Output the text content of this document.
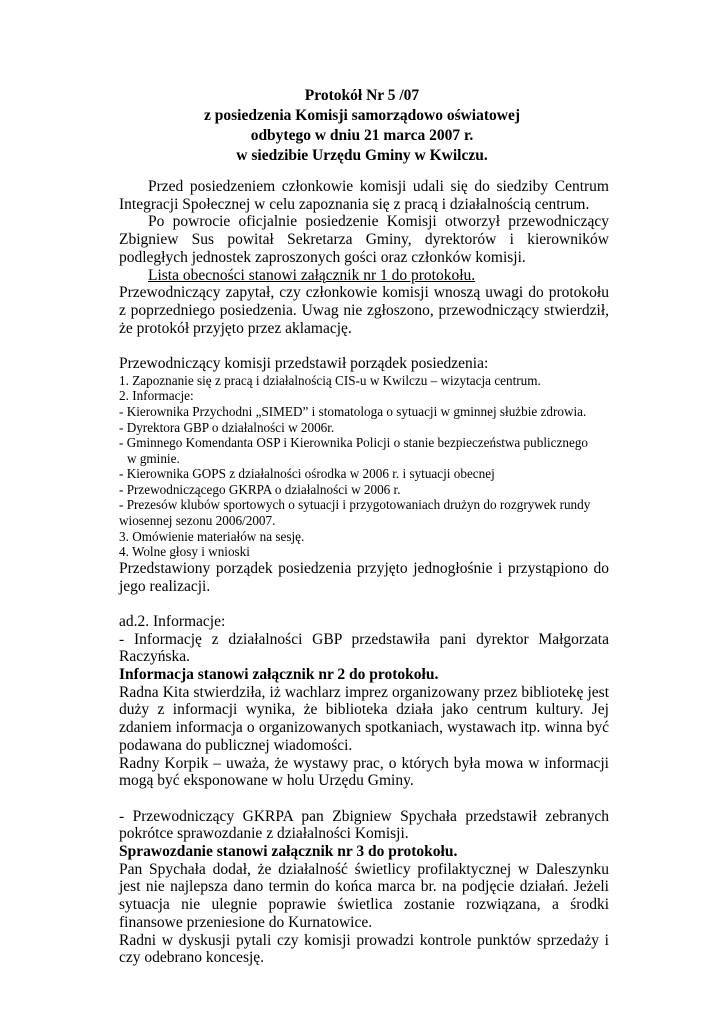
Protokół Nr 5 /07
z posiedzenia Komisji samorządowo oświatowej
odbytego w dniu 21 marca 2007 r.
w siedzibie Urzędu Gminy w Kwilczu.

Przed posiedzeniem członkowie komisji udali się do siedziby Centrum Integracji Społecznej w celu zapoznania się z pracą i działalnością centrum.

Po powrocie oficjalnie posiedzenie Komisji otworzył przewodniczący Zbigniew Sus powitał Sekretarza Gminy, dyrektorów i kierowników podległych jednostek zaproszonych gości oraz członków komisji.

Lista obecności stanowi załącznik nr 1 do protokołu.

Przewodniczący zapytał, czy członkowie komisji wnoszą uwagi do protokołu z poprzedniego posiedzenia. Uwag nie zgłoszono, przewodniczący stwierdził, że protokół przyjęto przez aklamację.

Przewodniczący komisji przedstawił porządek posiedzenia:

1. Zapoznanie się z pracą i działalnością CIS-u w Kwilczu – wizytacja centrum.
2. Informacje:
- Kierownika Przychodni „SIMED” i stomatologa o sytuacji w gminnej służbie zdrowia.
- Dyrektora GBP o działalności w 2006r.
- Gminnego Komendanta OSP i Kierownika Policji o stanie bezpieczeństwa publicznego
w gminie.
- Kierownika GOPS z działalności ośrodka w 2006 r. i sytuacji obecnej
- Przewodniczącego GKRPA o działalności w 2006 r.
- Prezesów klubów sportowych o sytuacji i przygotowaniach drużyn do rozgrywek rundy wiosennej sezonu 2006/2007.
3. Omówienie materiałów na sesję.
4. Wolne głosy i wnioski

Przedstawiony porządek posiedzenia przyjęto jednogłośnie i przystąpiono do jego realizacji.

ad.2. Informacje:

- Informację z działalności GBP przedstawiła pani dyrektor Małgorzata Raczyńska.

Informacja stanowi załącznik nr 2 do protokołu.

Radna Kita stwierdziła, iż wachlarz imprez organizowany przez bibliotekę jest duży z informacji wynika, że biblioteka działa jako centrum kultury. Jej zdaniem informacja o organizowanych spotkaniach, wystawach itp. winna być podawana do publicznej wiadomości.

Radny Korpik – uważa, że wystawy prac, o których była mowa w informacji mogą być eksponowane w holu Urzędu Gminy.

- Przewodniczący GKRPA pan Zbigniew Spychała przedstawił zebranych pokrótce sprawozdanie z działalności Komisji.

Sprawozdanie stanowi załącznik nr 3 do protokołu.

Pan Spychała dodał, że działalność świetlicy profilaktycznej w Daleszynku jest nie najlepsza dano termin do końca marca br. na podjęcie działań. Jeżeli sytuacja nie ulegnie poprawie świetlica zostanie rozwiązana, a środki finansowe przeniesione do Kurnatowice.

Radni w dyskusji pytali czy komisji prowadzi kontrole punktów sprzedaży i czy odebrano koncesję.
